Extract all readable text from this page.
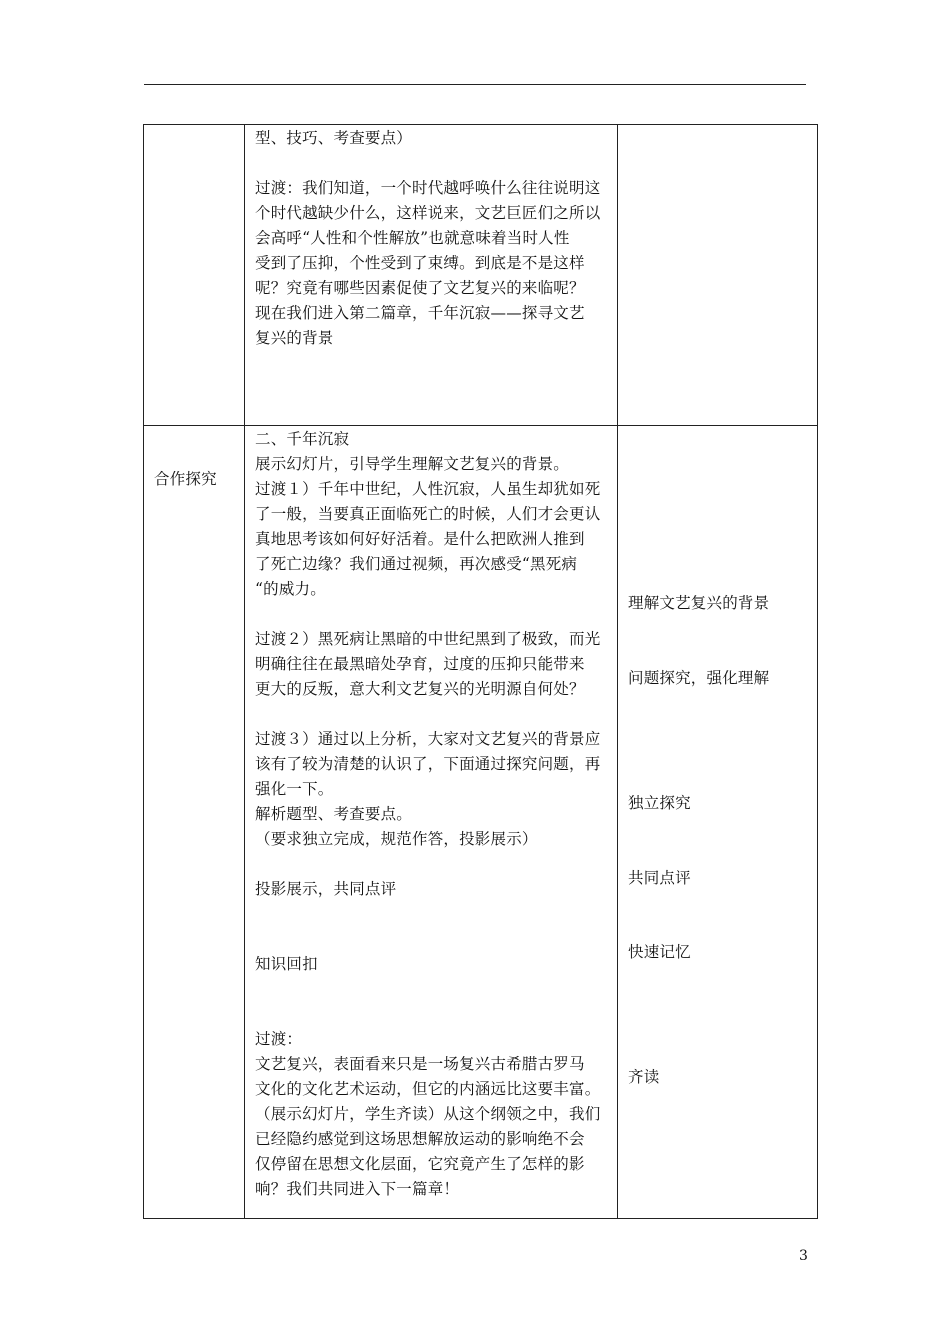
型、技巧、考查要点）

过渡：我们知道，一个时代越呼唤什么往往说明这
个时代越缺少什么，这样说来，文艺巨匠们之所以
会高呼“人性和个性解放”也就意味着当时人性
受到了压抑，个性受到了束缚。到底是不是这样
呢？究竟有哪些因素促使了文艺复兴的来临呢？
现在我们进入第二篇章，千年沉寂——探寻文艺
复兴的背景
合作探究
二、千年沉寂
展示幻灯片，引导学生理解文艺复兴的背景。
过渡１）千年中世纪，人性沉寂，人虽生却犹如死
了一般，当要真正面临死亡的时候，人们才会更认
真地思考该如何好好活着。是什么把欧洲人推到
了死亡边缘？我们通过视频，再次感受“黑死病
“的威力。

过渡２）黑死病让黑暗的中世纪黑到了极致，而光
明确往往在最黑暗处孕育，过度的压抑只能带来
更大的反叛，意大利文艺复兴的光明源自何处？

过渡３）通过以上分析，大家对文艺复兴的背景应
该有了较为清楚的认识了，下面通过探究问题，再
强化一下。
解析题型、考查要点。
（要求独立完成，规范作答，投影展示）

投影展示，共同点评

知识回扣

过渡：
文艺复兴，表面看来只是一场复兴古希腊古罗马
文化的文化艺术运动，但它的内涵远比这要丰富。
（展示幻灯片，学生齐读）从这个纲领之中，我们
已经隐约感觉到这场思想解放运动的影响绝不会
仅停留在思想文化层面，它究竟产生了怎样的影
响？我们共同进入下一篇章！
理解文艺复兴的背景
问题探究，强化理解
独立探究
共同点评
快速记忆
齐读
3
